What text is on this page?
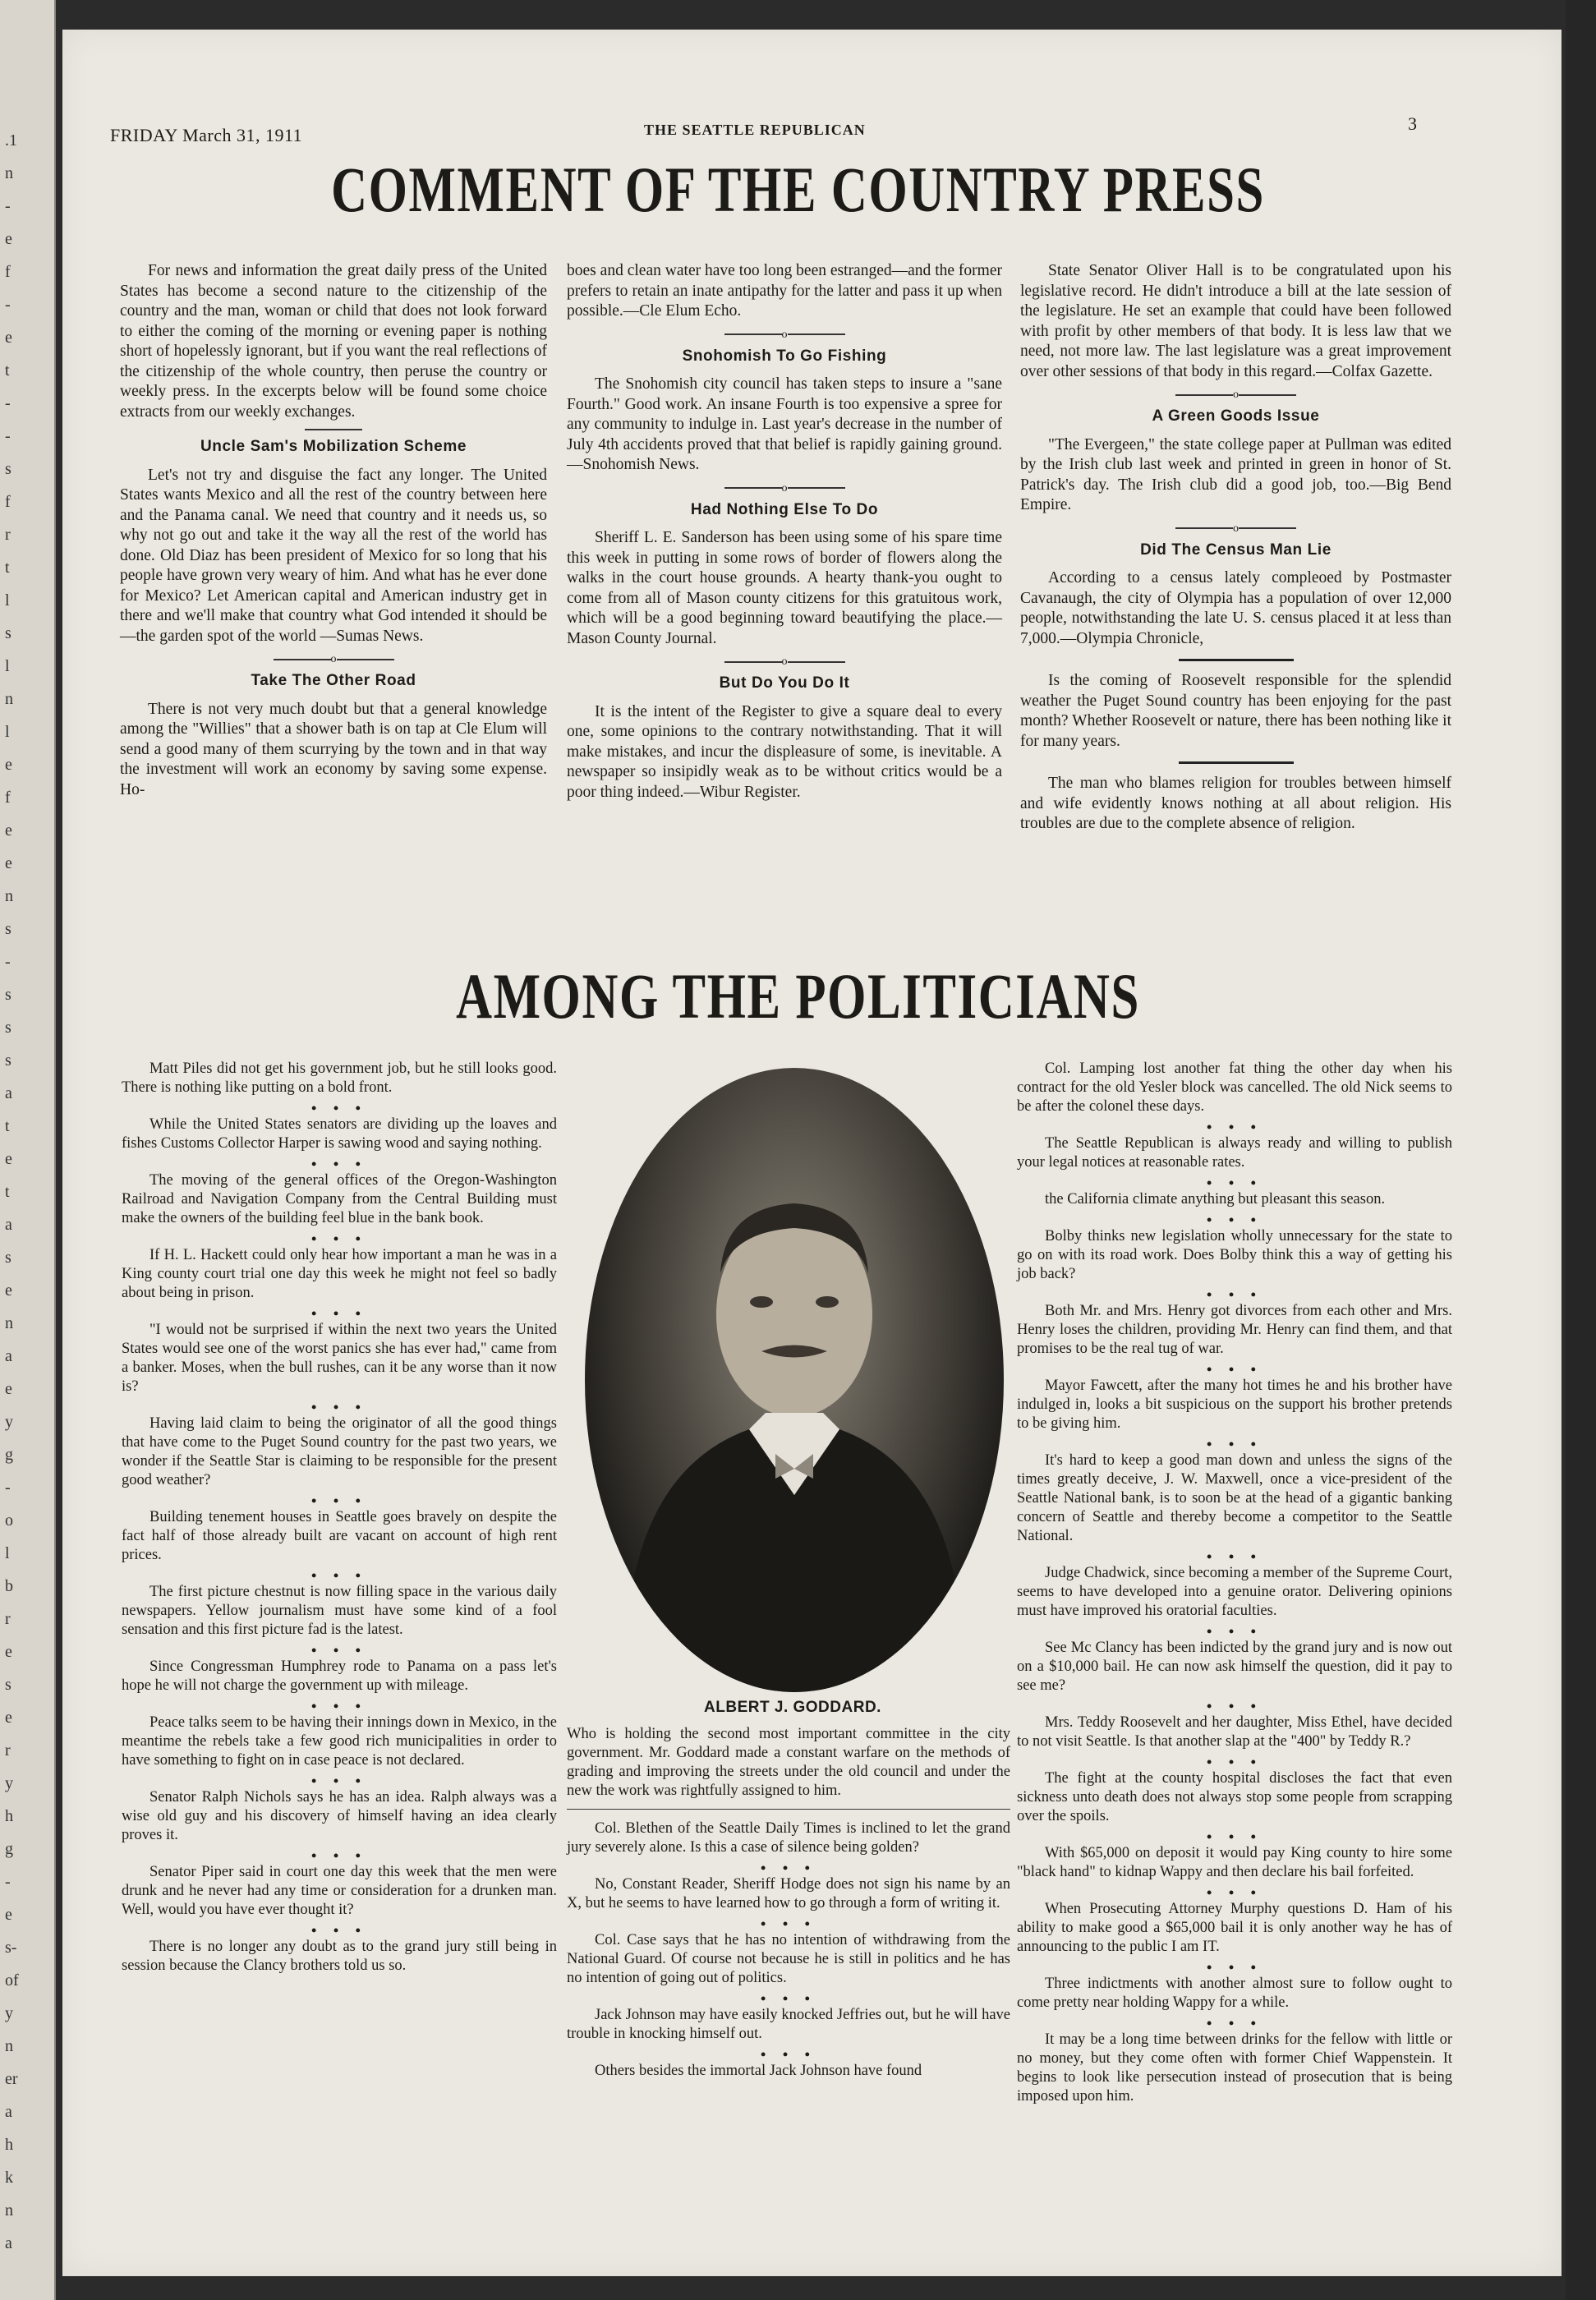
.1
n
-
e
f
-
e
t
-
-
s
f
r
t
l
s
l
n
l
e
f
e
e
n
s
-
s
s
s
a
t
e
t
a
s
e
n
a
e
y
g
-
o
l
b
r
e
s
e
r
y
h
g
-
e
s-
of
y
n
er
a
h
k
n
a
FRIDAY March 31, 1911	THE SEATTLE REPUBLICAN	3
COMMENT OF THE COUNTRY PRESS

For news and information the great daily press of the United States has become a second nature to the citizenship of the country and the man, woman or child that does not look forward to either the coming of the morning or evening paper is nothing short of hopelessly ignorant, but if you want the real reflections of the citizenship of the whole country, then peruse the country or weekly press. In the excerpts below will be found some choice extracts from our weekly exchanges.

Uncle Sam's Mobilization Scheme

Let's not try and disguise the fact any longer. The United States wants Mexico and all the rest of the country between here and the Panama canal. We need that country and it needs us, so why not go out and take it the way all the rest of the world has done. Old Diaz has been president of Mexico for so long that his people have grown very weary of him. And what has he ever done for Mexico? Let American capital and American industry get in there and we'll make that country what God intended it should be—the garden spot of the world —Sumas News.

o
Take The Other Road

There is not very much doubt but that a general knowledge among the "Willies" that a shower bath is on tap at Cle Elum will send a good many of them scurrying by the town and in that way the investment will work an economy by saving some expense. Ho-

boes and clean water have too long been estranged—and the former prefers to retain an inate antipathy for the latter and pass it up when possible.—Cle Elum Echo.

o
Snohomish To Go Fishing

The Snohomish city council has taken steps to insure a "sane Fourth." Good work. An insane Fourth is too expensive a spree for any community to indulge in. Last year's decrease in the number of July 4th accidents proved that that belief is rapidly gaining ground.—Snohomish News.

o
Had Nothing Else To Do

Sheriff L. E. Sanderson has been using some of his spare time this week in putting in some rows of border of flowers along the walks in the court house grounds. A hearty thank-you ought to come from all of Mason county citizens for this gratuitous work, which will be a good beginning toward beautifying the place.—Mason County Journal.

o
But Do You Do It

It is the intent of the Register to give a square deal to every one, some opinions to the contrary notwithstanding. That it will make mistakes, and incur the displeasure of some, is inevitable. A newspaper so insipidly weak as to be without critics would be a poor thing indeed.—Wibur Register.

State Senator Oliver Hall is to be congratulated upon his legislative record. He didn't introduce a bill at the late session of the legislature. He set an example that could have been followed with profit by other members of that body. It is less law that we need, not more law. The last legislature was a great improvement over other sessions of that body in this regard.—Colfax Gazette.

o
A Green Goods Issue

"The Evergeen," the state college paper at Pullman was edited by the Irish club last week and printed in green in honor of St. Patrick's day. The Irish club did a good job, too.—Big Bend Empire.

o
Did The Census Man Lie

According to a census lately compleoed by Postmaster Cavanaugh, the city of Olympia has a population of over 12,000 people, notwithstanding the late U. S. census placed it at less than 7,000.—Olympia Chronicle,

Is the coming of Roosevelt responsible for the splendid weather the Puget Sound country has been enjoying for the past month? Whether Roosevelt or nature, there has been nothing like it for many years.

The man who blames religion for troubles between himself and wife evidently knows nothing at all about religion. His troubles are due to the complete absence of religion.

AMONG THE POLITICIANS

Matt Piles did not get his government job, but he still looks good. There is nothing like putting on a bold front.

• • •

While the United States senators are dividing up the loaves and fishes Customs Collector Harper is sawing wood and saying nothing.

• • •

The moving of the general offices of the Oregon-Washington Railroad and Navigation Company from the Central Building must make the owners of the building feel blue in the bank book.

• • •

If H. L. Hackett could only hear how important a man he was in a King county court trial one day this week he might not feel so badly about being in prison.

• • •

"I would not be surprised if within the next two years the United States would see one of the worst panics she has ever had," came from a banker. Moses, when the bull rushes, can it be any worse than it now is?

• • •

Having laid claim to being the originator of all the good things that have come to the Puget Sound country for the past two years, we wonder if the Seattle Star is claiming to be responsible for the present good weather?

• • •

Building tenement houses in Seattle goes bravely on despite the fact half of those already built are vacant on account of high rent prices.

• • •

The first picture chestnut is now filling space in the various daily newspapers. Yellow journalism must have some kind of a fool sensation and this first picture fad is the latest.

• • •

Since Congressman Humphrey rode to Panama on a pass let's hope he will not charge the government up with mileage.

• • •

Peace talks seem to be having their innings down in Mexico, in the meantime the rebels take a few good rich municipalities in order to have something to fight on in case peace is not declared.

• • •

Senator Ralph Nichols says he has an idea. Ralph always was a wise old guy and his discovery of himself having an idea clearly proves it.

• • •

Senator Piper said in court one day this week that the men were drunk and he never had any time or consideration for a drunken man. Well, would you have ever thought it?

• • •

There is no longer any doubt as to the grand jury still being in session because the Clancy brothers told us so.

ALBERT J. GODDARD.

Who is holding the second most important committee in the city government. Mr. Goddard made a constant warfare on the methods of grading and improving the streets under the old council and under the new the work was rightfully assigned to him.

Col. Blethen of the Seattle Daily Times is inclined to let the grand jury severely alone. Is this a case of silence being golden?

• • •

No, Constant Reader, Sheriff Hodge does not sign his name by an X, but he seems to have learned how to go through a form of writing it.

• • •

Col. Case says that he has no intention of withdrawing from the National Guard. Of course not because he is still in politics and he has no intention of going out of politics.

• • •

Jack Johnson may have easily knocked Jeffries out, but he will have trouble in knocking himself out.

• • •

Others besides the immortal Jack Johnson have found

Col. Lamping lost another fat thing the other day when his contract for the old Yesler block was cancelled. The old Nick seems to be after the colonel these days.

• • •

The Seattle Republican is always ready and willing to publish your legal notices at reasonable rates.

• • •

the California climate anything but pleasant this season.

• • •

Bolby thinks new legislation wholly unnecessary for the state to go on with its road work. Does Bolby think this a way of getting his job back?

• • •

Both Mr. and Mrs. Henry got divorces from each other and Mrs. Henry loses the children, providing Mr. Henry can find them, and that promises to be the real tug of war.

• • •

Mayor Fawcett, after the many hot times he and his brother have indulged in, looks a bit suspicious on the support his brother pretends to be giving him.

• • •

It's hard to keep a good man down and unless the signs of the times greatly deceive, J. W. Maxwell, once a vice-president of the Seattle National bank, is to soon be at the head of a gigantic banking concern of Seattle and thereby become a competitor to the Seattle National.

• • •

Judge Chadwick, since becoming a member of the Supreme Court, seems to have developed into a genuine orator. Delivering opinions must have improved his oratorial faculties.

• • •

See Mc Clancy has been indicted by the grand jury and is now out on a $10,000 bail. He can now ask himself the question, did it pay to see me?

• • •

Mrs. Teddy Roosevelt and her daughter, Miss Ethel, have decided to not visit Seattle. Is that another slap at the "400" by Teddy R.?

• • •

The fight at the county hospital discloses the fact that even sickness unto death does not always stop some people from scrapping over the spoils.

• • •

With $65,000 on deposit it would pay King county to hire some "black hand" to kidnap Wappy and then declare his bail forfeited.

• • •

When Prosecuting Attorney Murphy questions D. Ham of his ability to make good a $65,000 bail it is only another way he has of announcing to the public I am IT.

• • •

Three indictments with another almost sure to follow ought to come pretty near holding Wappy for a while.

• • •

It may be a long time between drinks for the fellow with little or no money, but they come often with former Chief Wappenstein. It begins to look like persecution instead of prosecution that is being imposed upon him.
